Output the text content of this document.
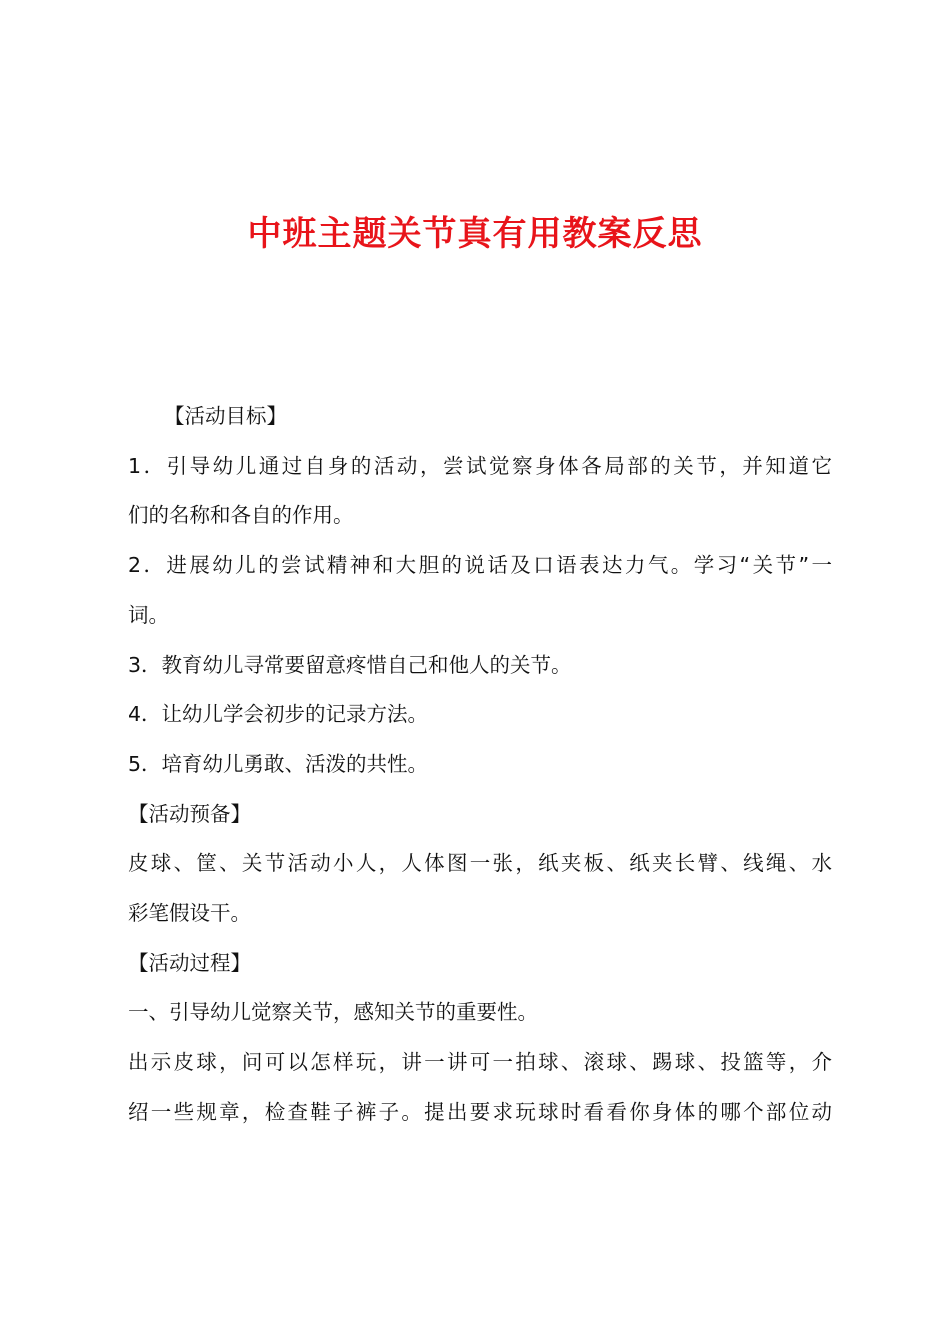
中班主题关节真有用教案反思

【活动目标】

1．引导幼儿通过自身的活动，尝试觉察身体各局部的关节，并知道它

们的名称和各自的作用。

2．进展幼儿的尝试精神和大胆的说话及口语表达力气。学习“关节”一

词。

3．教育幼儿寻常要留意疼惜自己和他人的关节。

4．让幼儿学会初步的记录方法。

5．培育幼儿勇敢、活泼的共性。

【活动预备】

皮球、筐、关节活动小人，人体图一张，纸夹板、纸夹长臂、线绳、水

彩笔假设干。

【活动过程】

一、引导幼儿觉察关节，感知关节的重要性。

出示皮球，问可以怎样玩，讲一讲可一拍球、滚球、踢球、投篮等，介

绍一些规章，检查鞋子裤子。提出要求玩球时看看你身体的哪个部位动
